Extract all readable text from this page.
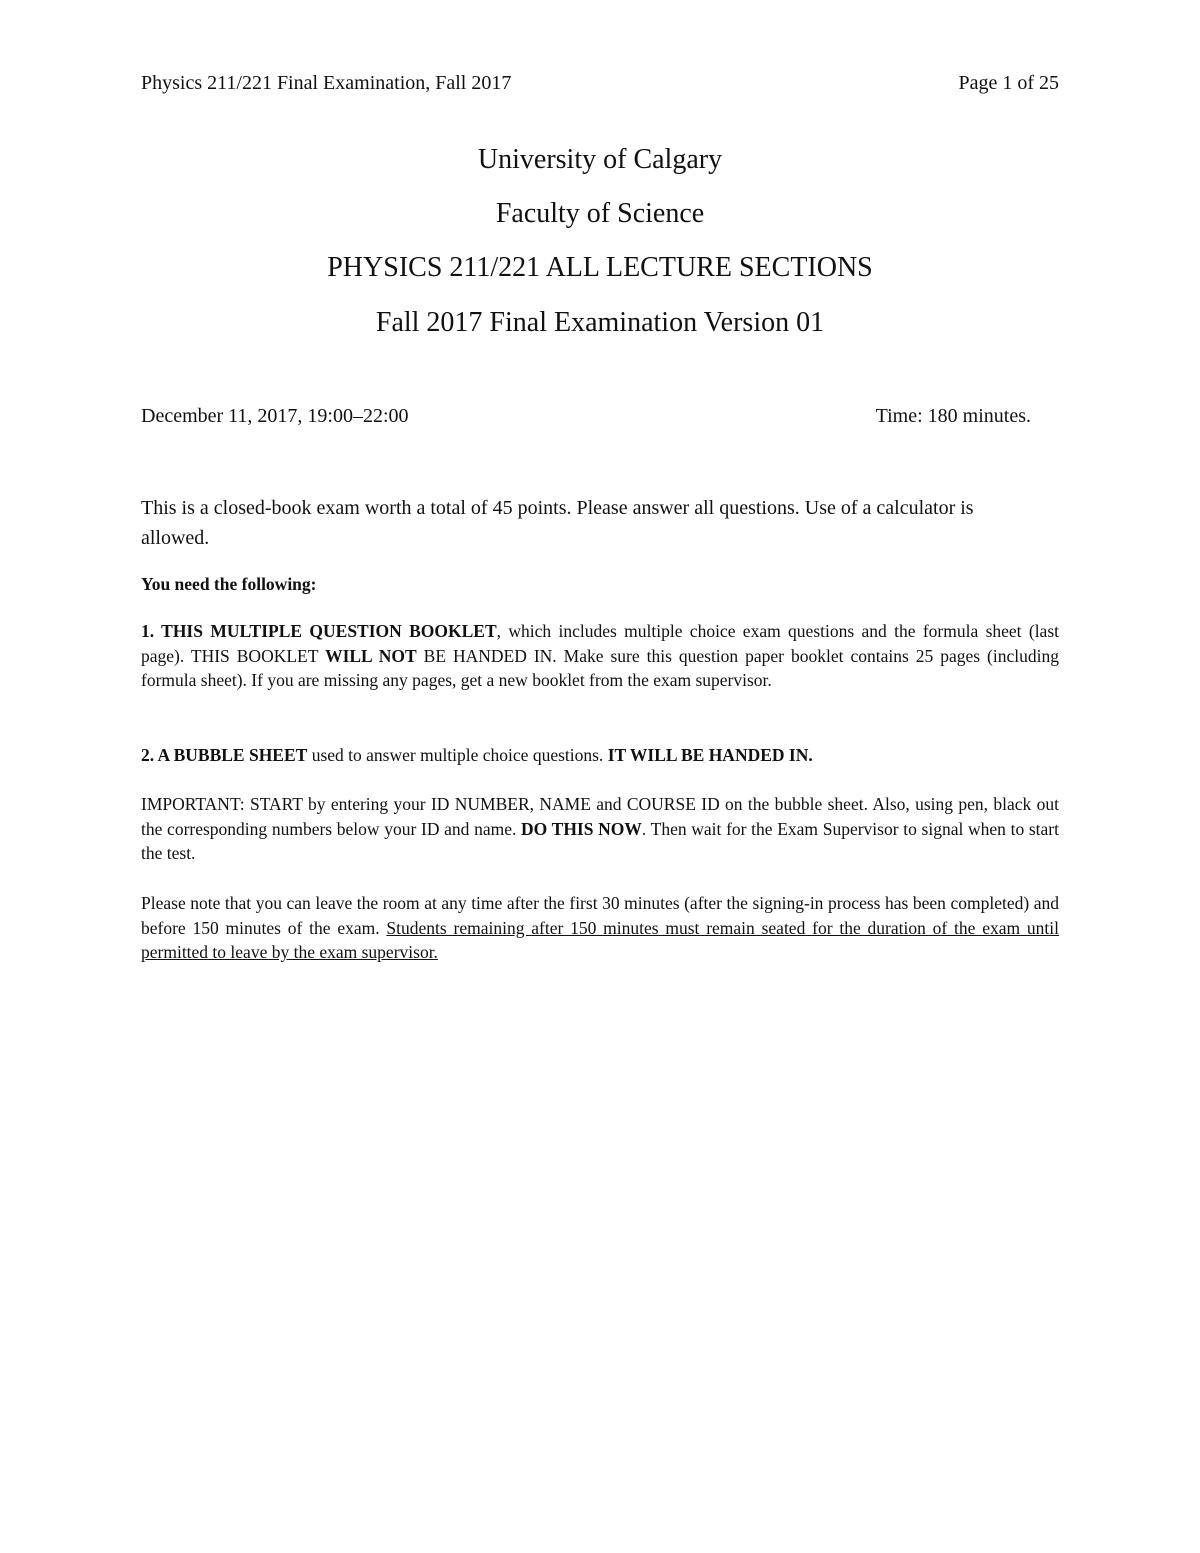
Physics 211/221 Final Examination, Fall 2017	Page 1 of 25
University of Calgary
Faculty of Science
PHYSICS 211/221 ALL LECTURE SECTIONS
Fall 2017 Final Examination Version 01
December 11, 2017, 19:00–22:00	Time: 180 minutes.

This is a closed-book exam worth a total of 45 points. Please answer all questions. Use of a calculator is allowed.

You need the following:

1. THIS MULTIPLE QUESTION BOOKLET, which includes multiple choice exam questions and the formula sheet (last page). THIS BOOKLET WILL NOT BE HANDED IN. Make sure this question paper booklet contains 25 pages (including formula sheet). If you are missing any pages, get a new booklet from the exam supervisor.

2. A BUBBLE SHEET used to answer multiple choice questions. IT WILL BE HANDED IN.

IMPORTANT: START by entering your ID NUMBER, NAME and COURSE ID on the bubble sheet. Also, using pen, black out the corresponding numbers below your ID and name. DO THIS NOW. Then wait for the Exam Supervisor to signal when to start the test.

Please note that you can leave the room at any time after the first 30 minutes (after the signing-in process has been completed) and before 150 minutes of the exam. Students remaining after 150 minutes must remain seated for the duration of the exam until permitted to leave by the exam supervisor.
